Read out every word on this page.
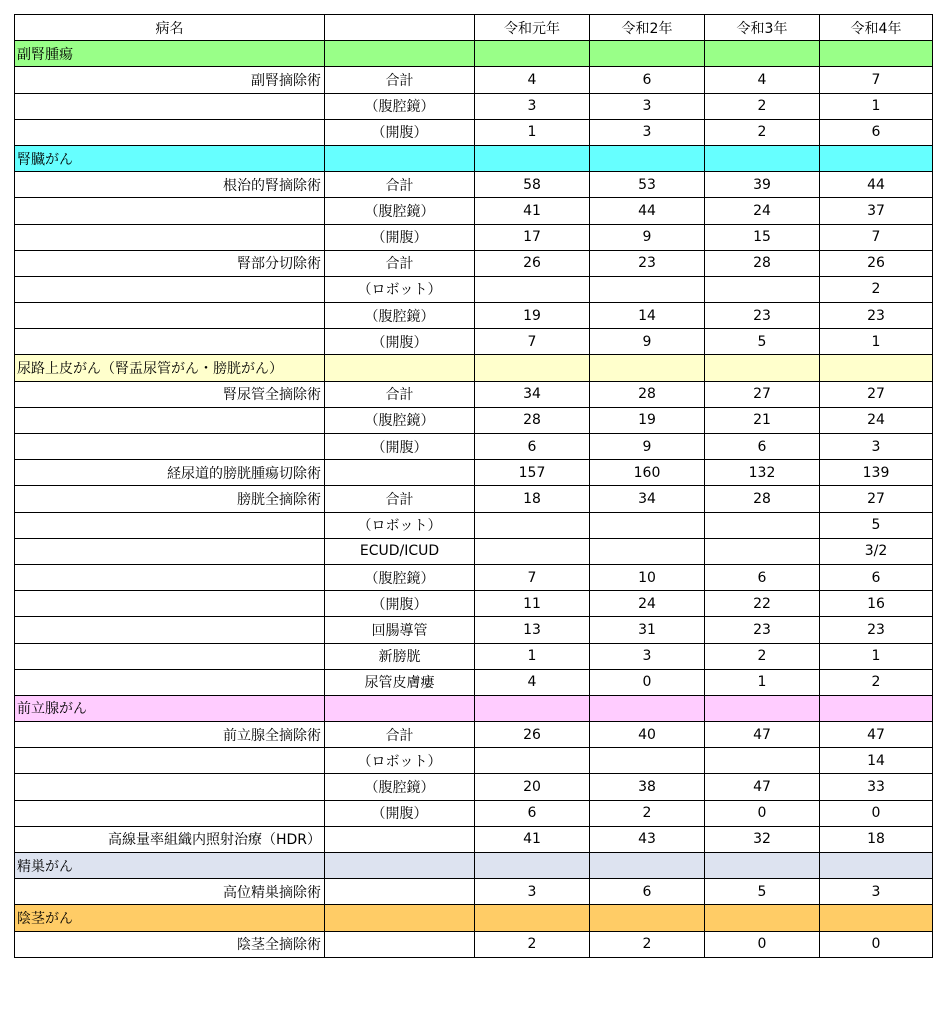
病名		令和元年	令和2年	令和3年	令和4年
副腎腫瘍					
副腎摘除術	合計	4	6	4	7
	（腹腔鏡）	3	3	2	1
	（開腹）	1	3	2	6
腎臓がん					
根治的腎摘除術	合計	58	53	39	44
	（腹腔鏡）	41	44	24	37
	（開腹）	17	9	15	7
腎部分切除術	合計	26	23	28	26
	（ロボット）				2
	（腹腔鏡）	19	14	23	23
	（開腹）	7	9	5	1
尿路上皮がん（腎盂尿管がん・膀胱がん）					
腎尿管全摘除術	合計	34	28	27	27
	（腹腔鏡）	28	19	21	24
	（開腹）	6	9	6	3
経尿道的膀胱腫瘍切除術		157	160	132	139
膀胱全摘除術	合計	18	34	28	27
	（ロボット）				5
	ECUD/ICUD				3/2
	（腹腔鏡）	7	10	6	6
	（開腹）	11	24	22	16
	回腸導管	13	31	23	23
	新膀胱	1	3	2	1
	尿管皮膚瘻	4	0	1	2
前立腺がん					
前立腺全摘除術	合計	26	40	47	47
	（ロボット）				14
	（腹腔鏡）	20	38	47	33
	（開腹）	6	2	0	0
高線量率組織内照射治療（HDR）		41	43	32	18
精巣がん					
高位精巣摘除術		3	6	5	3
陰茎がん					
陰茎全摘除術		2	2	0	0
